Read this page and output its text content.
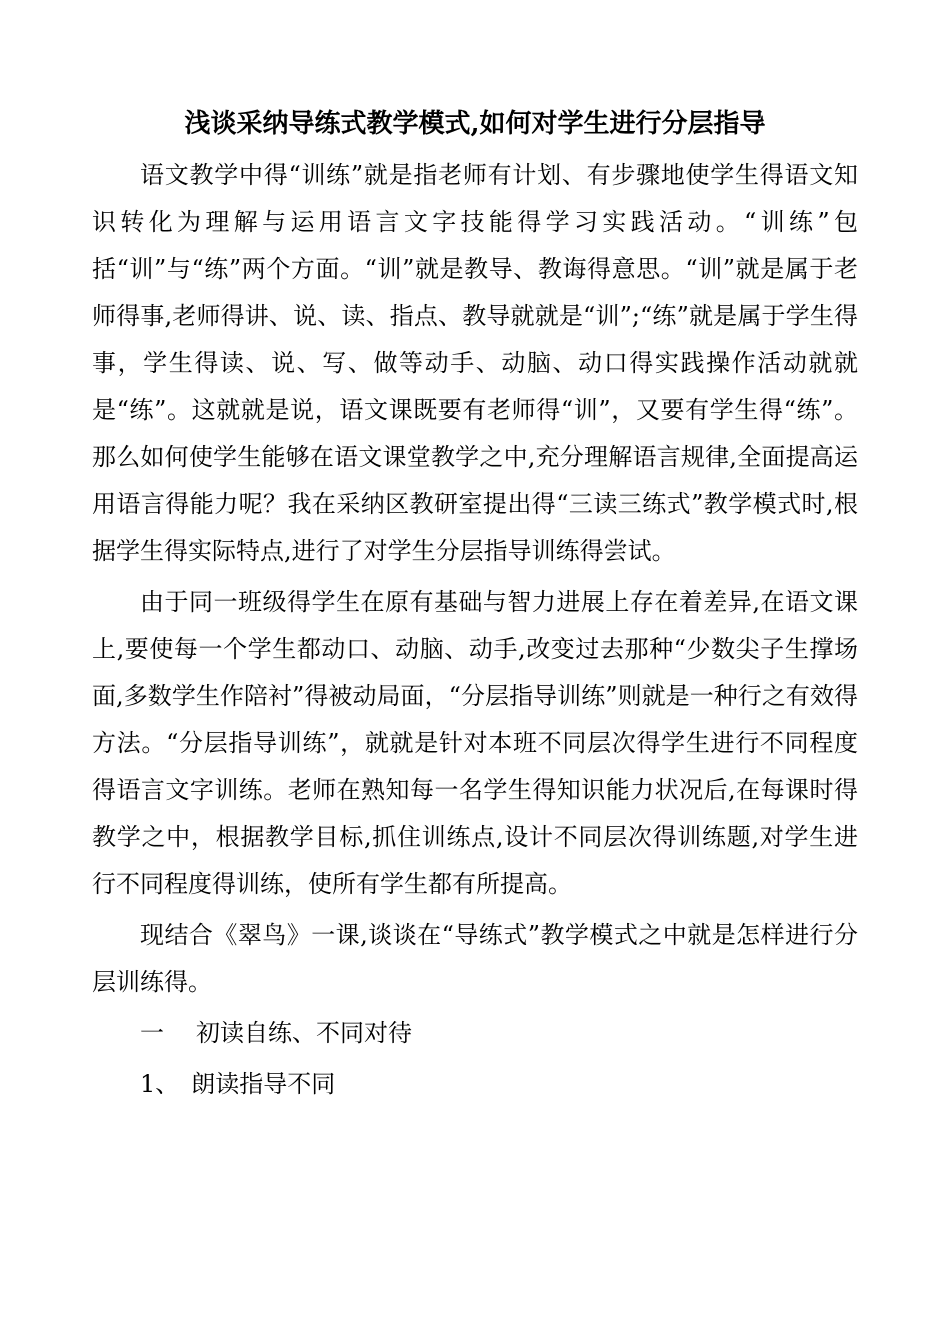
浅谈采纳导练式教学模式,如何对学生进行分层指导

语文教学中得“训练”就是指老师有计划、有步骤地使学生得语文知识转化为理解与运用语言文字技能得学习实践活动。“训练”包括“训”与“练”两个方面。“训”就是教导、教诲得意思。“训”就是属于老师得事,老师得讲、说、读、指点、教导就就是“训”;“练”就是属于学生得事，学生得读、说、写、做等动手、动脑、动口得实践操作活动就就是“练”。这就就是说，语文课既要有老师得“训”，又要有学生得“练”。那么如何使学生能够在语文课堂教学之中,充分理解语言规律,全面提高运用语言得能力呢？我在采纳区教研室提出得“三读三练式”教学模式时,根据学生得实际特点,进行了对学生分层指导训练得尝试。

由于同一班级得学生在原有基础与智力进展上存在着差异,在语文课上,要使每一个学生都动口、动脑、动手,改变过去那种“少数尖子生撑场面,多数学生作陪衬”得被动局面，“分层指导训练”则就是一种行之有效得方法。“分层指导训练”，就就是针对本班不同层次得学生进行不同程度得语言文字训练。老师在熟知每一名学生得知识能力状况后,在每课时得教学之中，根据教学目标,抓住训练点,设计不同层次得训练题,对学生进行不同程度得训练，使所有学生都有所提高。

现结合《翠鸟》一课,谈谈在“导练式”教学模式之中就是怎样进行分层训练得。

一 初读自练、不同对待
1、 朗读指导不同
